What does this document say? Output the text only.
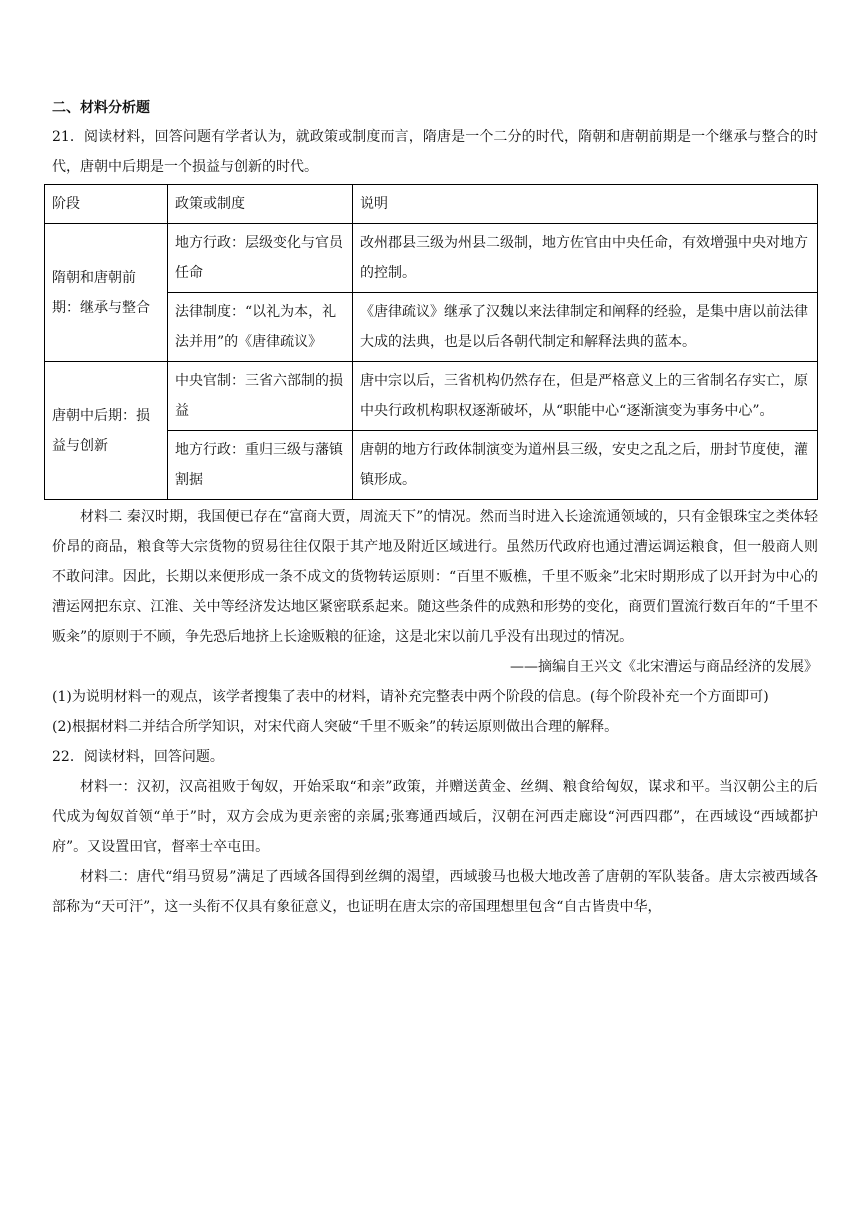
二、材料分析题

21．阅读材料，回答问题有学者认为，就政策或制度而言，隋唐是一个二分的时代，隋朝和唐朝前期是一个继承与整合的时代，唐朝中后期是一个损益与创新的时代。

阶段	政策或制度	说明
隋朝和唐朝前期：继承与整合	地方行政：层级变化与官员任命	改州郡县三级为州县二级制，地方佐官由中央任命，有效增强中央对地方的控制。
	法律制度：“以礼为本，礼法并用”的《唐律疏议》	《唐律疏议》继承了汉魏以来法律制定和阐释的经验，是集中唐以前法律大成的法典，也是以后各朝代制定和解释法典的蓝本。
唐朝中后期：损益与创新	中央官制：三省六部制的损益	唐中宗以后，三省机构仍然存在，但是严格意义上的三省制名存实亡，原中央行政机构职权逐渐破坏，从“职能中心“逐渐演变为事务中心”。
	地方行政：重归三级与藩镇割据	唐朝的地方行政体制演变为道州县三级，安史之乱之后，册封节度使，灌镇形成。

材料二 秦汉时期，我国便已存在“富商大贾，周流天下”的情况。然而当时进入长途流通领域的，只有金银珠宝之类体轻价昂的商品，粮食等大宗货物的贸易往往仅限于其产地及附近区域进行。虽然历代政府也通过漕运调运粮食，但一般商人则不敢问津。因此，长期以来便形成一条不成文的货物转运原则：“百里不贩樵，千里不贩籴”北宋时期形成了以开封为中心的漕运网把东京、江淮、关中等经济发达地区紧密联系起来。随这些条件的成熟和形势的变化，商贾们置流行数百年的“千里不贩籴”的原则于不顾，争先恐后地挤上长途贩粮的征途，这是北宋以前几乎没有出现过的情况。

——摘编自王兴文《北宋漕运与商品经济的发展》

(1)为说明材料一的观点，该学者搜集了表中的材料，请补充完整表中两个阶段的信息。(每个阶段补充一个方面即可)

(2)根据材料二并结合所学知识，对宋代商人突破“千里不贩籴”的转运原则做出合理的解释。

22．阅读材料，回答问题。

材料一：汉初，汉高祖败于匈奴，开始采取“和亲”政策，并赠送黄金、丝绸、粮食给匈奴，谋求和平。当汉朝公主的后代成为匈奴首领“单于”时，双方会成为更亲密的亲属;张骞通西域后，汉朝在河西走廊设“河西四郡”，在西域设“西域都护府”。又设置田官，督率士卒屯田。

材料二：唐代“绢马贸易”满足了西域各国得到丝绸的渴望，西域骏马也极大地改善了唐朝的军队装备。唐太宗被西域各部称为“天可汗”，这一头衔不仅具有象征意义，也证明在唐太宗的帝国理想里包含“自古皆贵中华，
